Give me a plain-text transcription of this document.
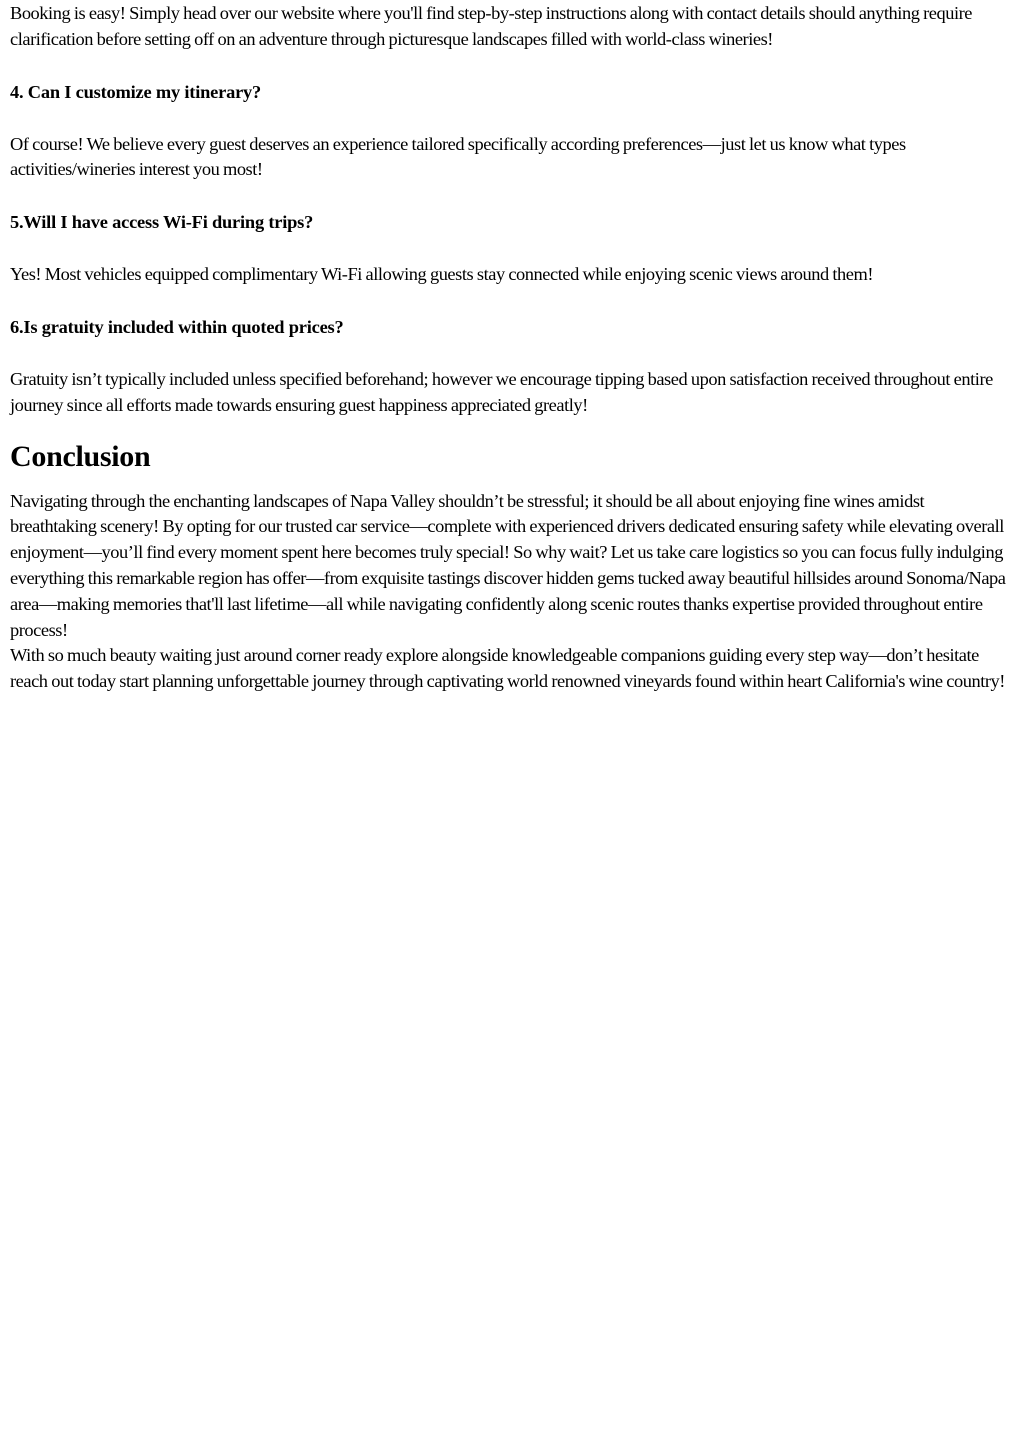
Booking is easy! Simply head over our website where you'll find step-by-step instructions along with contact details should anything require clarification before setting off on an adventure through picturesque landscapes filled with world-class wineries!

4. Can I customize my itinerary?

Of course! We believe every guest deserves an experience tailored specifically according preferences—just let us know what types activities/wineries interest you most!

5.Will I have access Wi-Fi during trips?

Yes! Most vehicles equipped complimentary Wi-Fi allowing guests stay connected while enjoying scenic views around them!

6.Is gratuity included within quoted prices?

Gratuity isn’t typically included unless specified beforehand; however we encourage tipping based upon satisfaction received throughout entire journey since all efforts made towards ensuring guest happiness appreciated greatly!

Conclusion

Navigating through the enchanting landscapes of Napa Valley shouldn’t be stressful; it should be all about enjoying fine wines amidst breathtaking scenery! By opting for our trusted car service—complete with experienced drivers dedicated ensuring safety while elevating overall enjoyment—you’ll find every moment spent here becomes truly special! So why wait? Let us take care logistics so you can focus fully indulging everything this remarkable region has offer—from exquisite tastings discover hidden gems tucked away beautiful hillsides around Sonoma/Napa area—making memories that'll last lifetime—all while navigating confidently along scenic routes thanks expertise provided throughout entire process!

With so much beauty waiting just around corner ready explore alongside knowledgeable companions guiding every step way—don’t hesitate reach out today start planning unforgettable journey through captivating world renowned vineyards found within heart California's wine country!
